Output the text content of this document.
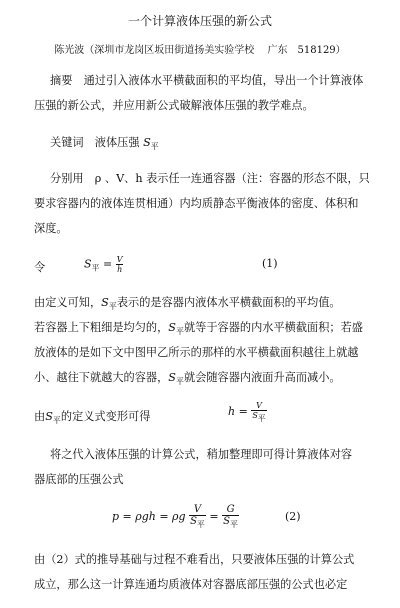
一个计算液体压强的新公式
陈光波（深圳市龙岗区坂田街道扬美实验学校　 广东　518129）
摘要　通过引入液体水平横截面积的平均值，导出一个计算液体
压强的新公式，并应用新公式破解液体压强的教学难点。
关键词　液体压强 $S_平$
分别用　ρ 、V、h 表示任一连通容器（注：容器的形态不限，只
要求容器内的液体连贯相通）内均质静态平衡液体的密度、体积和
深度。
令	$S_平 = \frac{V}{h}$	(1)
由定义可知，$S_平$表示的是容器内液体水平横截面积的平均值。
若容器上下粗细是均匀的，$S_平$就等于容器的内水平横截面积；若盛
放液体的是如下文中图甲乙所示的那样的水平横截面积越往上就越
小、越往下就越大的容器，$S_平$就会随容器内液面升高而减小。
由$S_平$的定义式变形可得	$h = \frac{V}{\text{S平}}$
将之代入液体压强的计算公式，稍加整理即可得计算液体对容
器底部的压强公式
p = ρgh = ρg $\frac{V}{S_平} = \frac{G}{S_平}$	(2)
由（2）式的推导基础与过程不难看出，只要液体压强的计算公式
成立，那么这一计算连通均质液体对容器底部压强的公式也必定
